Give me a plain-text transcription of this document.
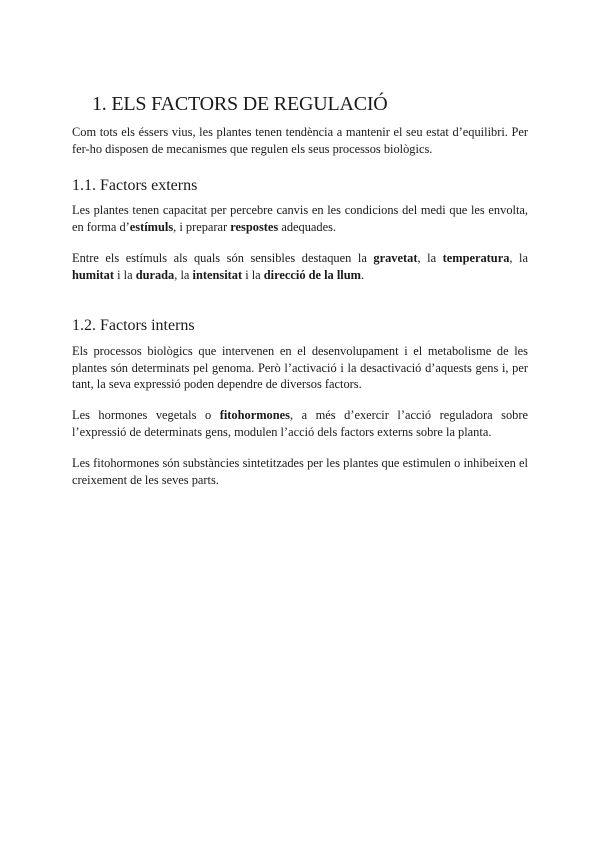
1. ELS FACTORS DE REGULACIÓ

Com tots els éssers vius, les plantes tenen tendència a mantenir el seu estat d’equilibri. Per fer-ho disposen de mecanismes que regulen els seus processos biològics.

1.1. Factors externs

Les plantes tenen capacitat per percebre canvis en les condicions del medi que les envolta, en forma d’estímuls, i preparar respostes adequades.

Entre els estímuls als quals són sensibles destaquen la gravetat, la temperatura, la humitat i la durada, la intensitat i la direcció de la llum.

1.2. Factors interns

Els processos biològics que intervenen en el desenvolupament i el metabolisme de les plantes són determinats pel genoma. Però l’activació i la desactivació d’aquests gens i, per tant, la seva expressió poden dependre de diversos factors.

Les hormones vegetals o fitohormones, a més d’exercir l’acció reguladora sobre l’expressió de determinats gens, modulen l’acció dels factors externs sobre la planta.

Les fitohormones són substàncies sintetitzades per les plantes que estimulen o inhibeixen el creixement de les seves parts.
